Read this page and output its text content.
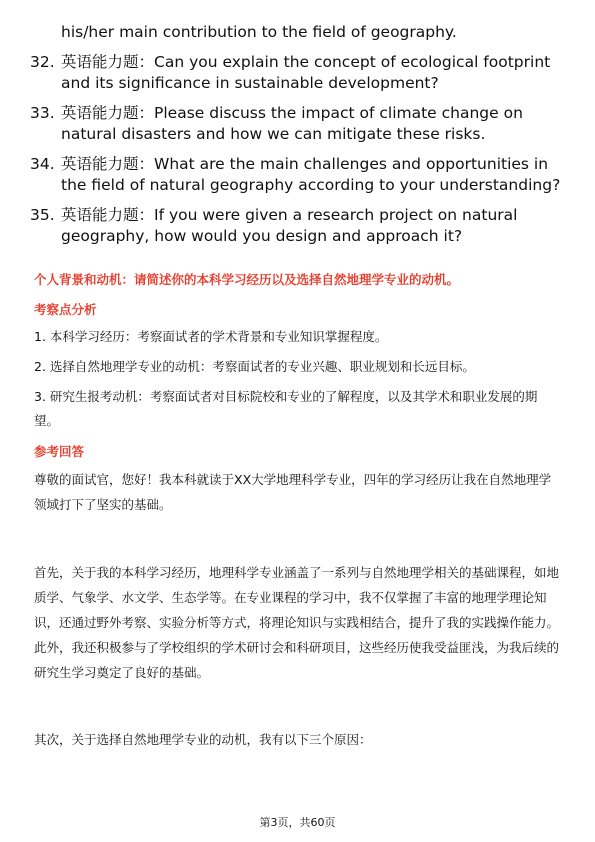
his/her main contribution to the field of geography.
32. 英语能力题：Can you explain the concept of ecological footprint and its significance in sustainable development?
33. 英语能力题：Please discuss the impact of climate change on natural disasters and how we can mitigate these risks.
34. 英语能力题：What are the main challenges and opportunities in the field of natural geography according to your understanding?
35. 英语能力题：If you were given a research project on natural geography, how would you design and approach it?
个人背景和动机：请简述你的本科学习经历以及选择自然地理学专业的动机。
考察点分析
1. 本科学习经历：考察面试者的学术背景和专业知识掌握程度。
2. 选择自然地理学专业的动机：考察面试者的专业兴趣、职业规划和长远目标。
3. 研究生报考动机：考察面试者对目标院校和专业的了解程度，以及其学术和职业发展的期望。
参考回答
尊敬的面试官，您好！我本科就读于XX大学地理科学专业，四年的学习经历让我在自然地理学领域打下了坚实的基础。
首先，关于我的本科学习经历，地理科学专业涵盖了一系列与自然地理学相关的基础课程，如地质学、气象学、水文学、生态学等。在专业课程的学习中，我不仅掌握了丰富的地理学理论知识，还通过野外考察、实验分析等方式，将理论知识与实践相结合，提升了我的实践操作能力。此外，我还积极参与了学校组织的学术研讨会和科研项目，这些经历使我受益匪浅，为我后续的研究生学习奠定了良好的基础。
其次，关于选择自然地理学专业的动机，我有以下三个原因：
第3页，共60页
